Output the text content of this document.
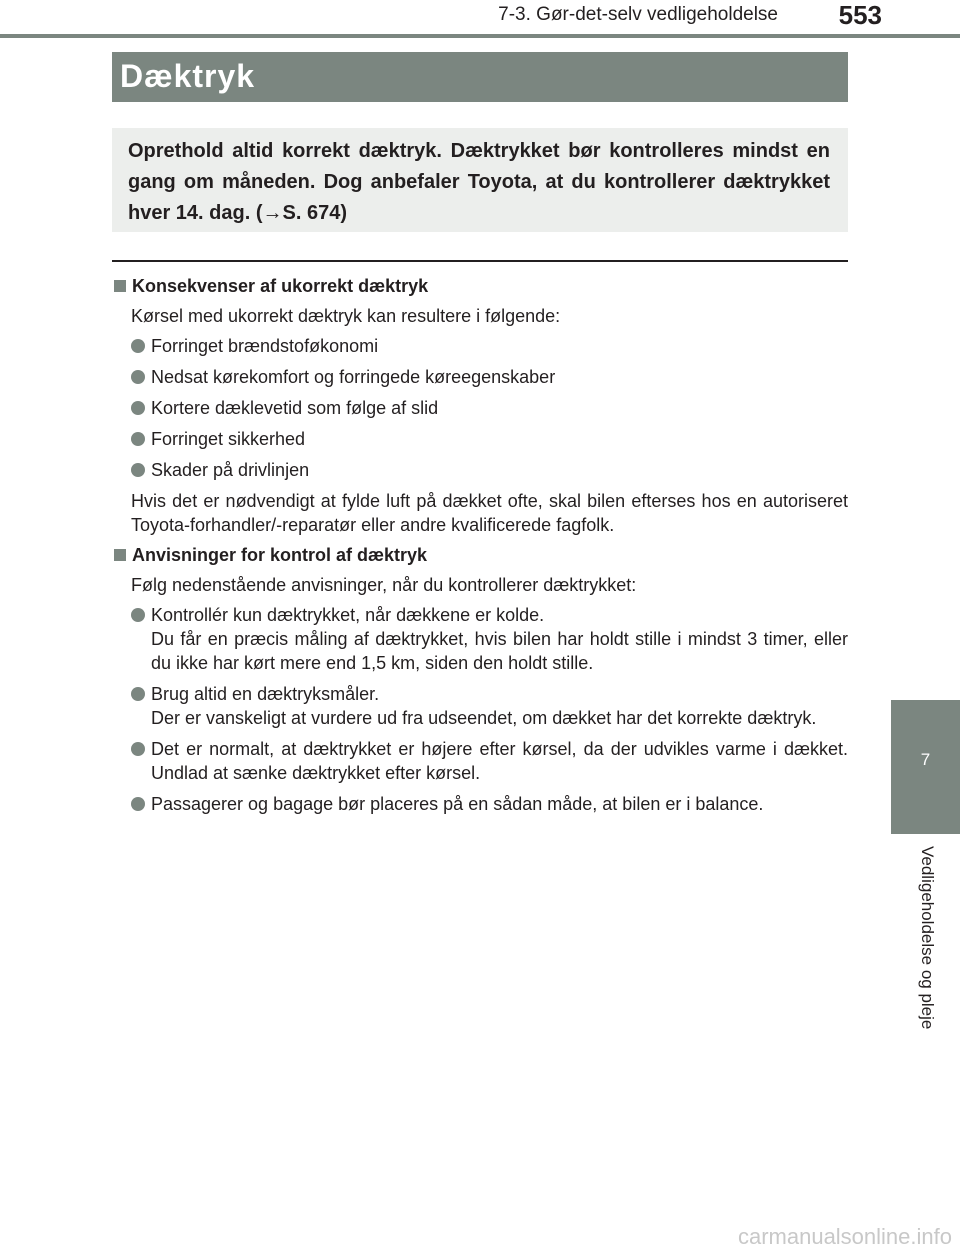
7-3. Gør-det-selv vedligeholdelse 553
Dæktryk
Oprethold altid korrekt dæktryk. Dæktrykket bør kontrolleres mindst en gang om måneden. Dog anbefaler Toyota, at du kontrollerer dæktrykket hver 14. dag. (→S. 674)
Konsekvenser af ukorrekt dæktryk
Kørsel med ukorrekt dæktryk kan resultere i følgende:
Forringet brændstoføkonomi
Nedsat kørekomfort og forringede køreegenskaber
Kortere dæklevetid som følge af slid
Forringet sikkerhed
Skader på drivlinjen
Hvis det er nødvendigt at fylde luft på dækket ofte, skal bilen efterses hos en autoriseret Toyota-forhandler/-reparatør eller andre kvalificerede fagfolk.
Anvisninger for kontrol af dæktryk
Følg nedenstående anvisninger, når du kontrollerer dæktrykket:
Kontrollér kun dæktrykket, når dækkene er kolde.
Du får en præcis måling af dæktrykket, hvis bilen har holdt stille i mindst 3 timer, eller du ikke har kørt mere end 1,5 km, siden den holdt stille.
Brug altid en dæktryksmåler.
Der er vanskeligt at vurdere ud fra udseendet, om dækket har det korrekte dæktryk.
Det er normalt, at dæktrykket er højere efter kørsel, da der udvikles varme i dækket. Undlad at sænke dæktrykket efter kørsel.
Passagerer og bagage bør placeres på en sådan måde, at bilen er i balance.
7
Vedligeholdelse og pleje
carmanualsonline.info
